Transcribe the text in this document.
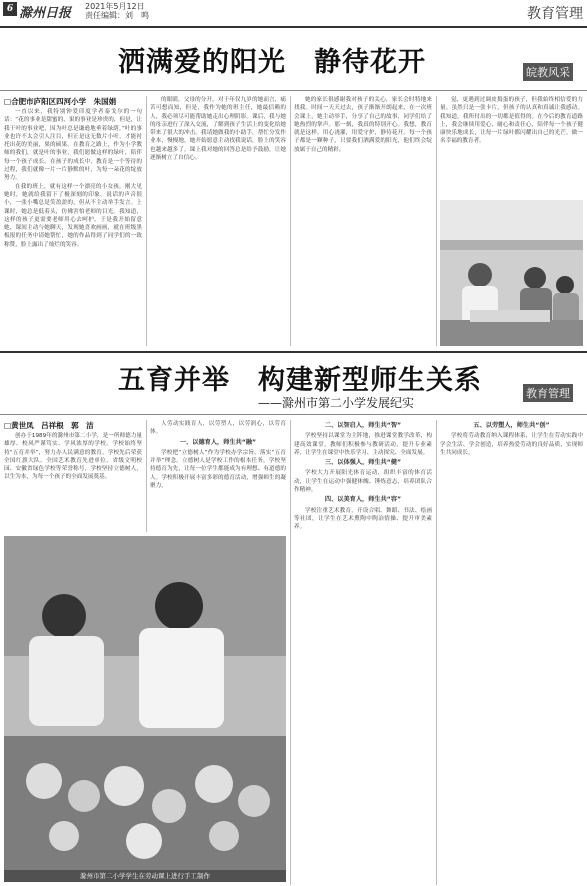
6 滁州日报	2021年5月12日
责任编辑：刘　鸣	教育管理
洒满爱的阳光　静待花开	皖教风采
□合肥市庐阳区四河小学　朱国娟

一直以来，我特别钟爱印度学者泰戈尔的一句话：“花的事业是甜蜜的，果的事业是珍贵的，但是，让我干叶的事业吧，因为叶总是谦逊地垂着绿荫。”叶的事业也许不太会引人注目，但正是这无数片小叶，才能衬托出花的美丽，果的硕果。在教育之路上，作为小学教师的我们，就是叶的事业，我们愿做这样的绿叶，陪伴每一个孩子成长。在孩子的成长中，教育是一个等待的过程，我们就像一片一片静默的叶，为每一朵花的绽放努力。

在我的班上，就有这样一个漂亮的小女孩。刚大见她时，她就给我留下了极深刻的印象。说话的声音很小，一张小嘴总是笑盈盈的，但从不主动举手发言。上课时，她总是低着头，仿佛害怕老师的目光。我知道，这样的孩子更需要老师用心去呵护。于是我开始留意她，课间主动与她聊天，发现她喜欢画画，就在班级黑板报的任务中请她帮忙，她的作品得到了同学们的一致称赞，脸上露出了灿烂的笑容。

的眼睛，父母的分开，对于年仅九岁的她而言，痛苦可想而知，但是，我作为她的班主任，她最信赖的人，我必须尽可能帮助她走出心理阴影。课后，我与她的母亲进行了深入交流，了解到孩子生活上的变化给她带来了很大的冲击。我请她做我的小助手，帮忙分发作业本，慢慢地，她开始愿意主动找我说话，脸上的笑容也越来越多了。课上我对她的回答总是给予鼓励，让她逐渐树立了自信心。

她的家长很感谢我对孩子的关心，家长会时特地来找我。时间一天天过去，孩子渐渐开朗起来，在一次班会课上，她主动举手，分享了自己的故事，同学们给了她热烈的掌声。那一刻，我真的特别开心。我想，教育就是这样，用心浇灌，用爱守护，静待花开。每一个孩子都是一颗种子，只要我们洒满爱的阳光，他们终会绽放属于自己的精彩。

觉，更遇到过调皮捣蛋的孩子，但我始终相信爱的力量。虽然只是一张卡片，但孩子的认真和真诚让我感动。我知道，我所付出的一切都是值得的。在今后的教育道路上，我会继续用爱心、耐心和责任心，陪伴每一个孩子健康快乐地成长，让每一片绿叶都闪耀出自己的光芒，做一名幸福的教育者。

五育并举　构建新型师生关系
——滁州市第二小学发展纪实
教育管理
□黄世凤　吕祥根　郭　洁

创办于1989年的滁州市第二小学，是一所师德力量雄厚、校风严谨笃实、学风浓厚的学校。学校始终坚持“五育并举”，努力办人民满意的教育。学校先后荣获全国红旗大队、全国艺术教育先进单位、省级文明校园、安徽省绿色学校等荣誉称号，学校坚持立德树人，以生为本，为每一个孩子的全面发展奠基。

人劳动实践育人，以劳塑人，以劳润心，以劳育体。

一、以德育人，师生共“融”

学校把“立德树人”作为学校办学宗旨，落实“五育并举”理念。立德树人是学校工作的根本任务，学校坚持德育为先，让每一位学生都能成为有理想、有道德的人。学校积极开展丰富多彩的德育活动，增强师生的凝聚力。

滁州市第二小学学生在劳动课上进行手工制作
二、以智启人，师生共“智”

学校坚持以课堂为主阵地，推进课堂教学改革，构建高效课堂。教师们积极参与教研活动，提升专业素养，让学生在课堂中快乐学习、主动探究、全面发展。

三、以体强人，师生共“健”

学校大力开展阳光体育运动，组织丰富的体育活动，让学生在运动中强健体魄、锤炼意志，培养团队合作精神。

四、以美育人，师生共“容”

学校注重艺术教育，开设合唱、舞蹈、书法、绘画等社团，让学生在艺术熏陶中陶冶情操、提升审美素养。

五、以劳塑人，师生共“创”

学校将劳动教育纳入课程体系，让学生在劳动实践中学会生活、学会创造，培养热爱劳动的良好品质，实现师生共同成长。
